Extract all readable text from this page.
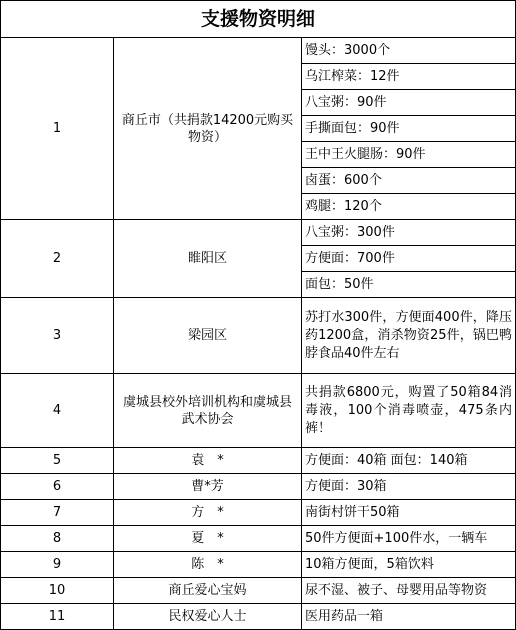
支援物资明细		
1	商丘市（共捐款14200元购买物资）	馒头：3000个
		乌江榨菜：12件
		八宝粥：90件
		手撕面包：90件
		王中王火腿肠：90件
		卤蛋：600个
		鸡腿：120个
2	睢阳区	八宝粥：300件
		方便面：700件
		面包：50件
3	梁园区	苏打水300件，方便面400件，降压药1200盒，消杀物资25件，锅巴鸭脖食品40件左右
4	虞城县校外培训机构和虞城县武术协会	共捐款6800元，购置了50箱84消毒液，100个消毒喷壶，475条内裤！
5	袁　*	方便面：40箱 面包：140箱
6	曹*芳	方便面：30箱
7	方　*	南街村饼干50箱
8	夏　*	50件方便面+100件水，一辆车
9	陈　*	10箱方便面，5箱饮料
10	商丘爱心宝妈	尿不湿、被子、母婴用品等物资
11	民权爱心人士	医用药品一箱
